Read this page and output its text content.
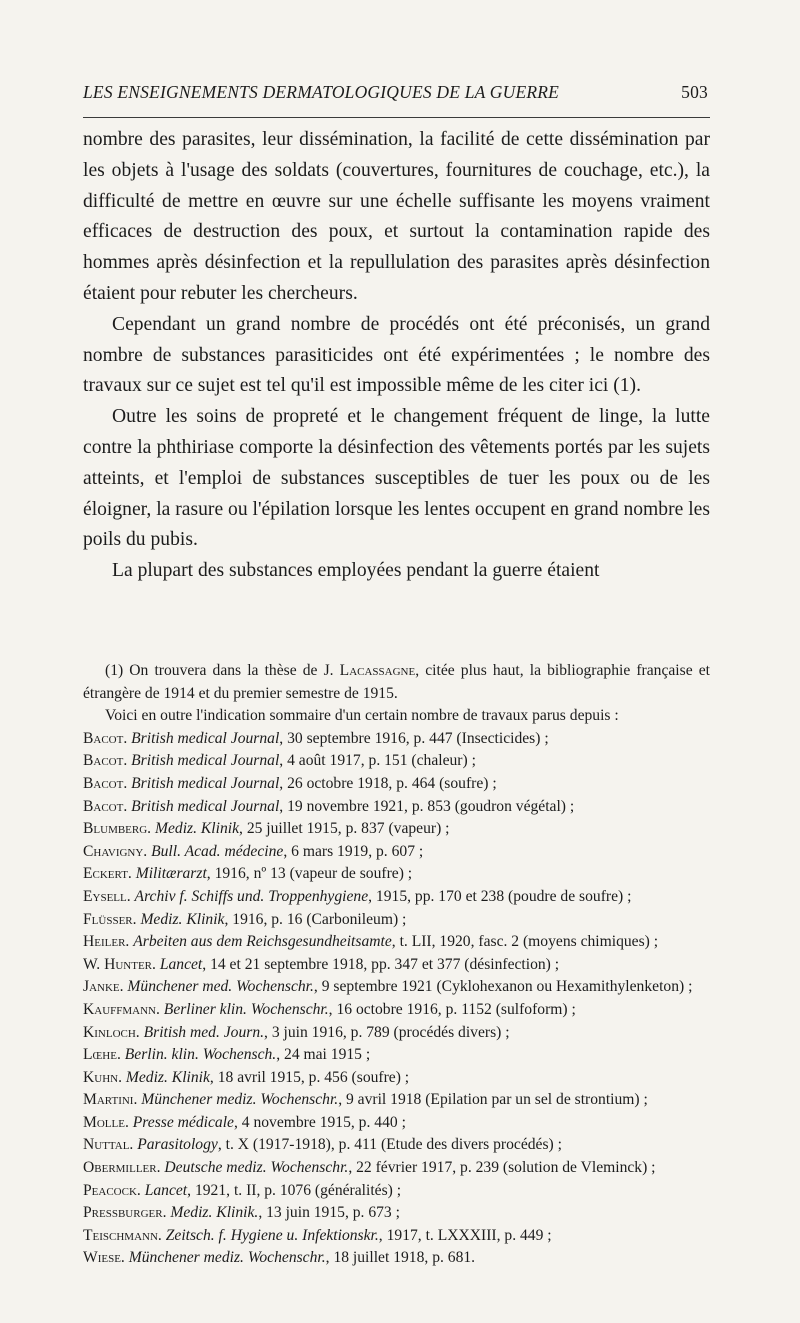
LES ENSEIGNEMENTS DERMATOLOGIQUES DE LA GUERRE	503

nombre des parasites, leur dissémination, la facilité de cette dissémination par les objets à l'usage des soldats (couvertures, fournitures de couchage, etc.), la difficulté de mettre en œuvre sur une échelle suffisante les moyens vraiment efficaces de destruction des poux, et surtout la contamination rapide des hommes après désinfection et la repullulation des parasites après désinfection étaient pour rebuter les chercheurs.

Cependant un grand nombre de procédés ont été préconisés, un grand nombre de substances parasiticides ont été expérimentées ; le nombre des travaux sur ce sujet est tel qu'il est impossible même de les citer ici (1).

Outre les soins de propreté et le changement fréquent de linge, la lutte contre la phthiriase comporte la désinfection des vêtements portés par les sujets atteints, et l'emploi de substances susceptibles de tuer les poux ou de les éloigner, la rasure ou l'épilation lorsque les lentes occupent en grand nombre les poils du pubis.

La plupart des substances employées pendant la guerre étaient

(1) On trouvera dans la thèse de J. Lacassagne, citée plus haut, la bibliographie française et étrangère de 1914 et du premier semestre de 1915.

Voici en outre l'indication sommaire d'un certain nombre de travaux parus depuis :
Bacot. British medical Journal, 30 septembre 1916, p. 447 (Insecticides) ;
Bacot. British medical Journal, 4 août 1917, p. 151 (chaleur) ;
Bacot. British medical Journal, 26 octobre 1918, p. 464 (soufre) ;
Bacot. British medical Journal, 19 novembre 1921, p. 853 (goudron végétal) ;
Blumberg. Mediz. Klinik, 25 juillet 1915, p. 837 (vapeur) ;
Chavigny. Bull. Acad. médecine, 6 mars 1919, p. 607 ;
Eckert. Militærarzt, 1916, nº 13 (vapeur de soufre) ;
Eysell. Archiv f. Schiffs und. Troppenhygiene, 1915, pp. 170 et 238 (poudre de soufre) ;
Flüsser. Mediz. Klinik, 1916, p. 16 (Carbonileum) ;
Heiler. Arbeiten aus dem Reichsgesundheitsamte, t. LII, 1920, fasc. 2 (moyens chimiques) ;
W. Hunter. Lancet, 14 et 21 septembre 1918, pp. 347 et 377 (désinfection) ;
Janke. Münchener med. Wochenschr., 9 septembre 1921 (Cyklohexanon ou Hexamithylenketon) ;
Kauffmann. Berliner klin. Wochenschr., 16 octobre 1916, p. 1152 (sulfoform) ;
Kinloch. British med. Journ., 3 juin 1916, p. 789 (procédés divers) ;
Lœhe. Berlin. klin. Wochensch., 24 mai 1915 ;
Kuhn. Mediz. Klinik, 18 avril 1915, p. 456 (soufre) ;
Martini. Münchener mediz. Wochenschr., 9 avril 1918 (Epilation par un sel de strontium) ;
Molle. Presse médicale, 4 novembre 1915, p. 440 ;
Nuttal. Parasitology, t. X (1917-1918), p. 411 (Etude des divers procédés) ;
Obermiller. Deutsche mediz. Wochenschr., 22 février 1917, p. 239 (solution de Vleminck) ;
Peacock. Lancet, 1921, t. II, p. 1076 (généralités) ;
Pressburger. Mediz. Klinik., 13 juin 1915, p. 673 ;
Teischmann. Zeitsch. f. Hygiene u. Infektionskr., 1917, t. LXXXIII, p. 449 ;
Wiese. Münchener mediz. Wochenschr., 18 juillet 1918, p. 681.
